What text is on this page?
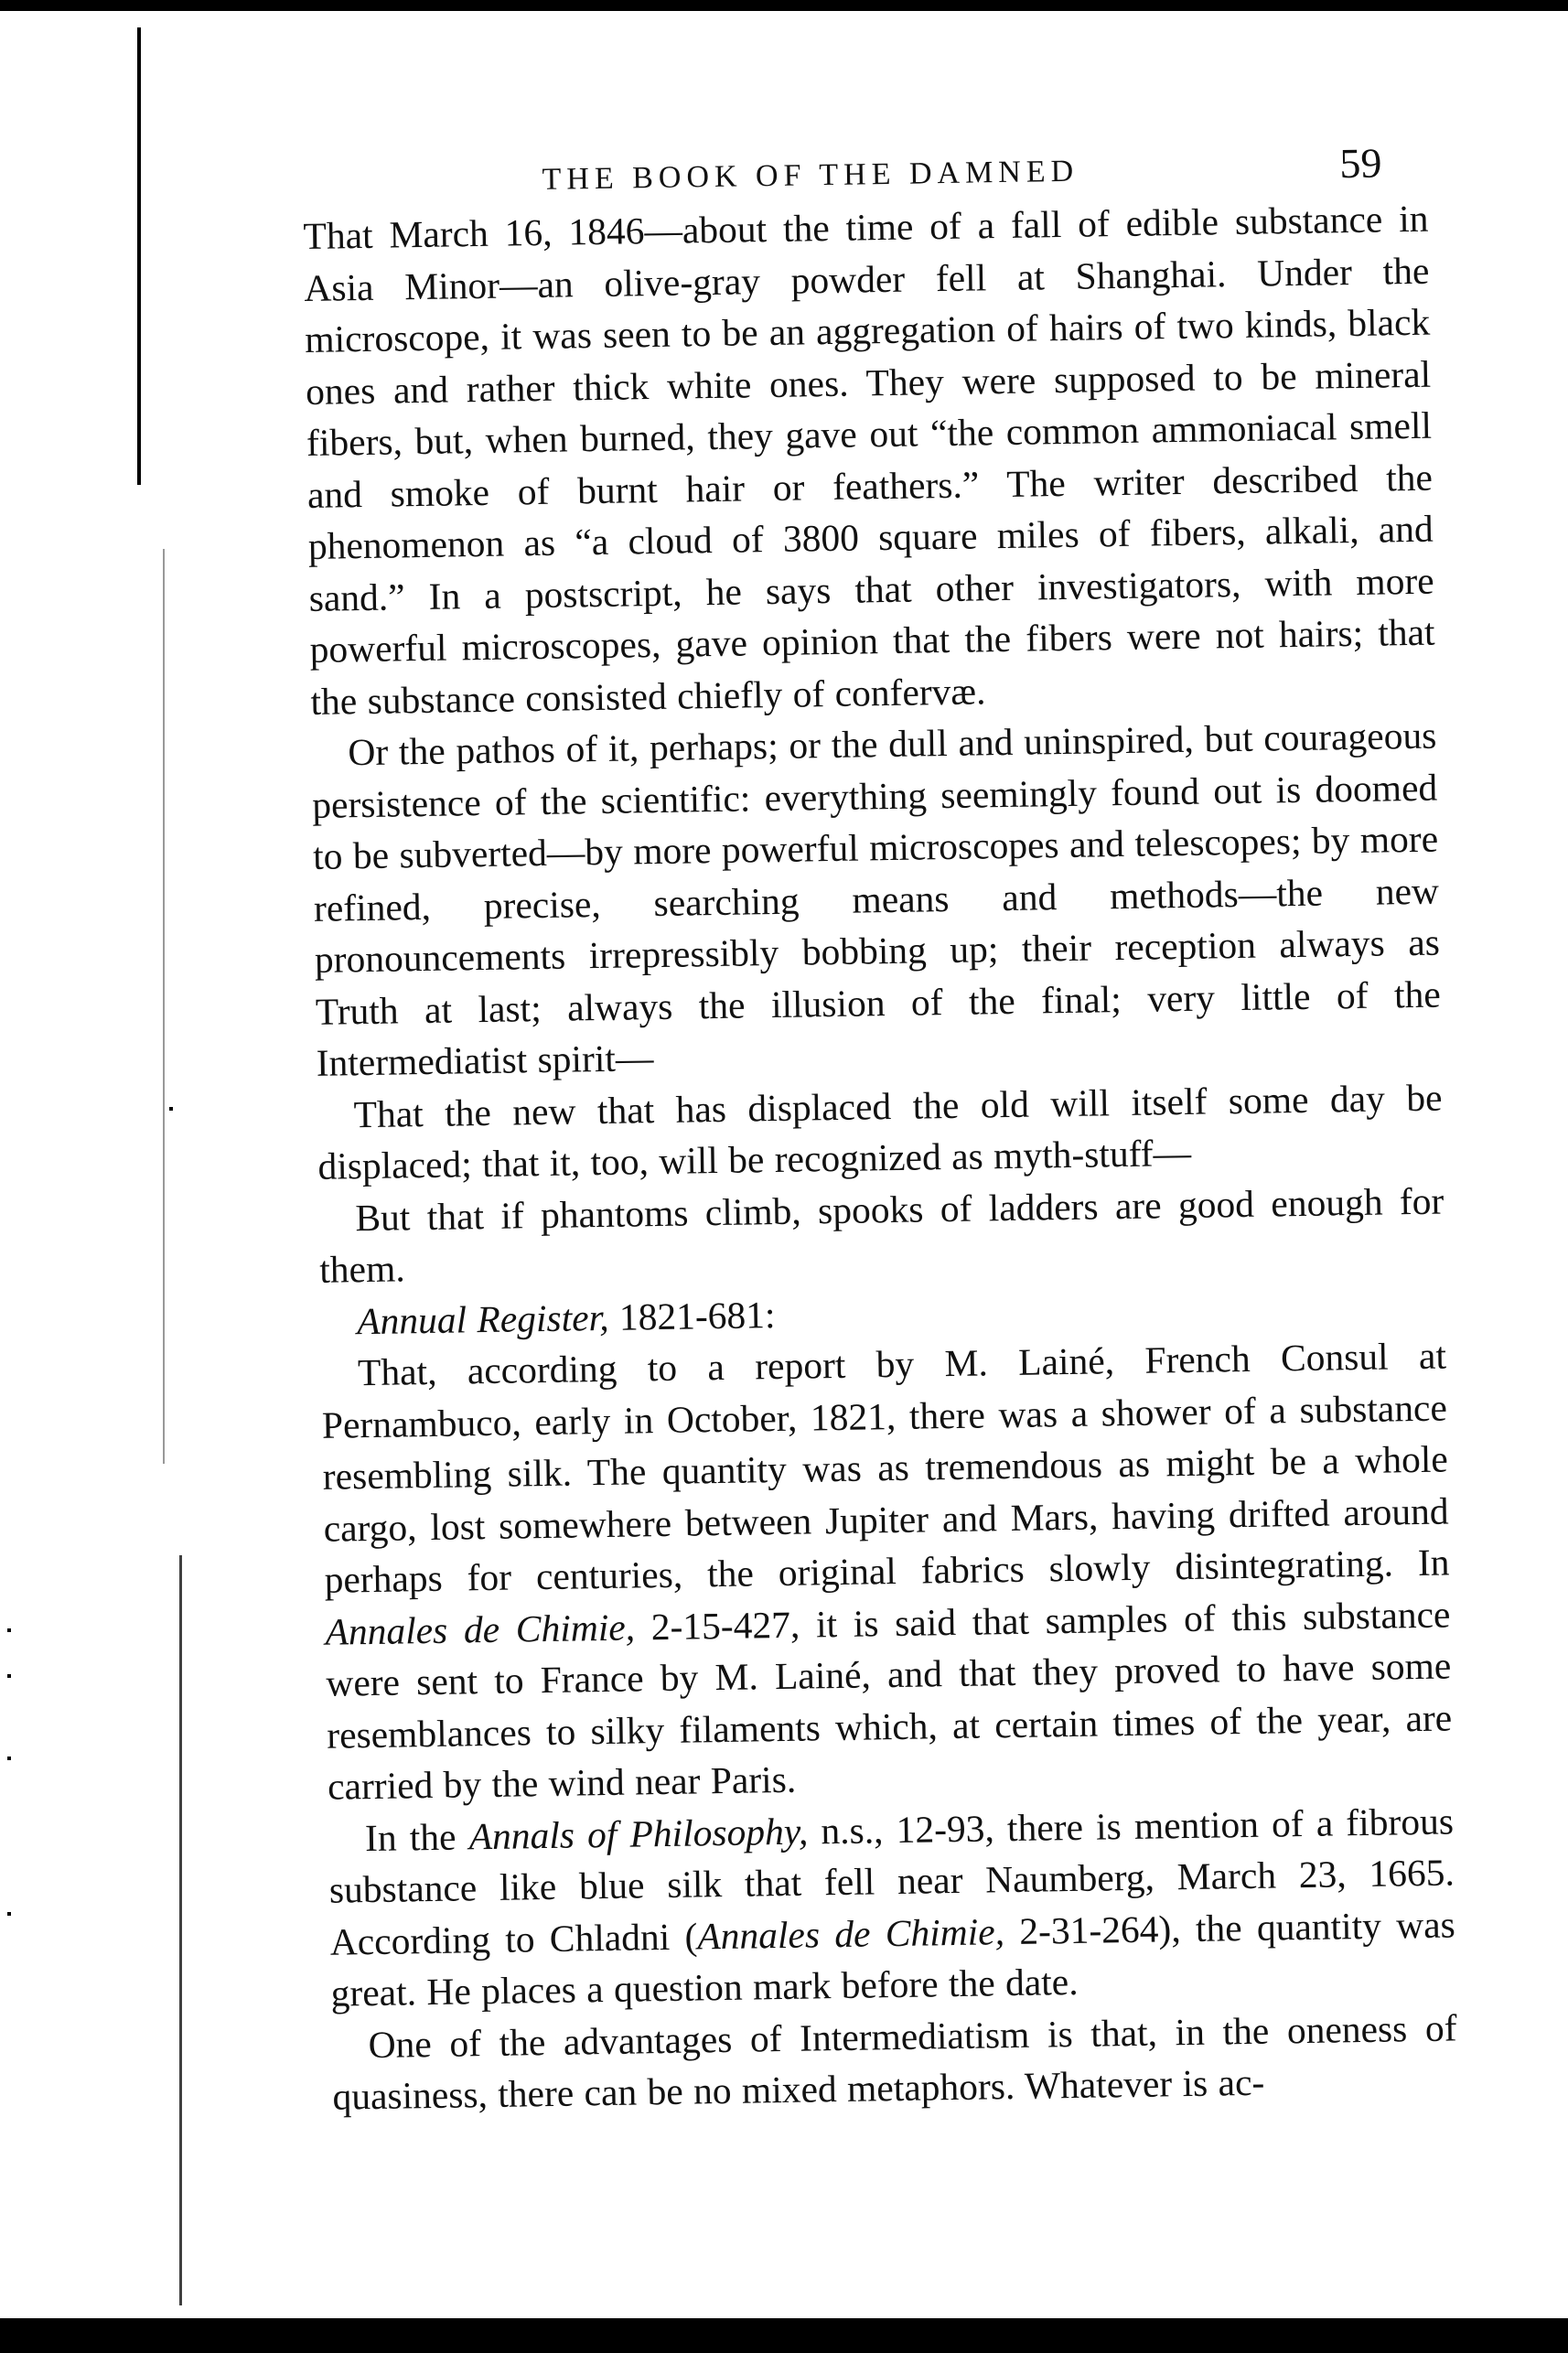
THE BOOK OF THE DAMNED	59

That March 16, 1846—about the time of a fall of edible substance in Asia Minor—an olive-gray powder fell at Shanghai. Under the microscope, it was seen to be an aggregation of hairs of two kinds, black ones and rather thick white ones. They were supposed to be mineral fibers, but, when burned, they gave out “the common ammoniacal smell and smoke of burnt hair or feathers.” The writer described the phenomenon as “a cloud of 3800 square miles of fibers, alkali, and sand.” In a postscript, he says that other investigators, with more powerful microscopes, gave opinion that the fibers were not hairs; that the substance consisted chiefly of confervæ.

Or the pathos of it, perhaps; or the dull and uninspired, but courageous persistence of the scientific: everything seemingly found out is doomed to be subverted—by more powerful microscopes and telescopes; by more refined, precise, searching means and methods—the new pronouncements irrepressibly bobbing up; their reception always as Truth at last; always the illusion of the final; very little of the Intermediatist spirit—

That the new that has displaced the old will itself some day be displaced; that it, too, will be recognized as myth-stuff—

But that if phantoms climb, spooks of ladders are good enough for them.

Annual Register, 1821-681:

That, according to a report by M. Lainé, French Consul at Pernambuco, early in October, 1821, there was a shower of a substance resembling silk. The quantity was as tremendous as might be a whole cargo, lost somewhere between Jupiter and Mars, having drifted around perhaps for centuries, the original fabrics slowly disintegrating. In Annales de Chimie, 2-15-427, it is said that samples of this substance were sent to France by M. Lainé, and that they proved to have some resemblances to silky filaments which, at certain times of the year, are carried by the wind near Paris.

In the Annals of Philosophy, n.s., 12-93, there is mention of a fibrous substance like blue silk that fell near Naumberg, March 23, 1665. According to Chladni (Annales de Chimie, 2-31-264), the quantity was great. He places a question mark before the date.

One of the advantages of Intermediatism is that, in the oneness of quasiness, there can be no mixed metaphors. Whatever is ac-
